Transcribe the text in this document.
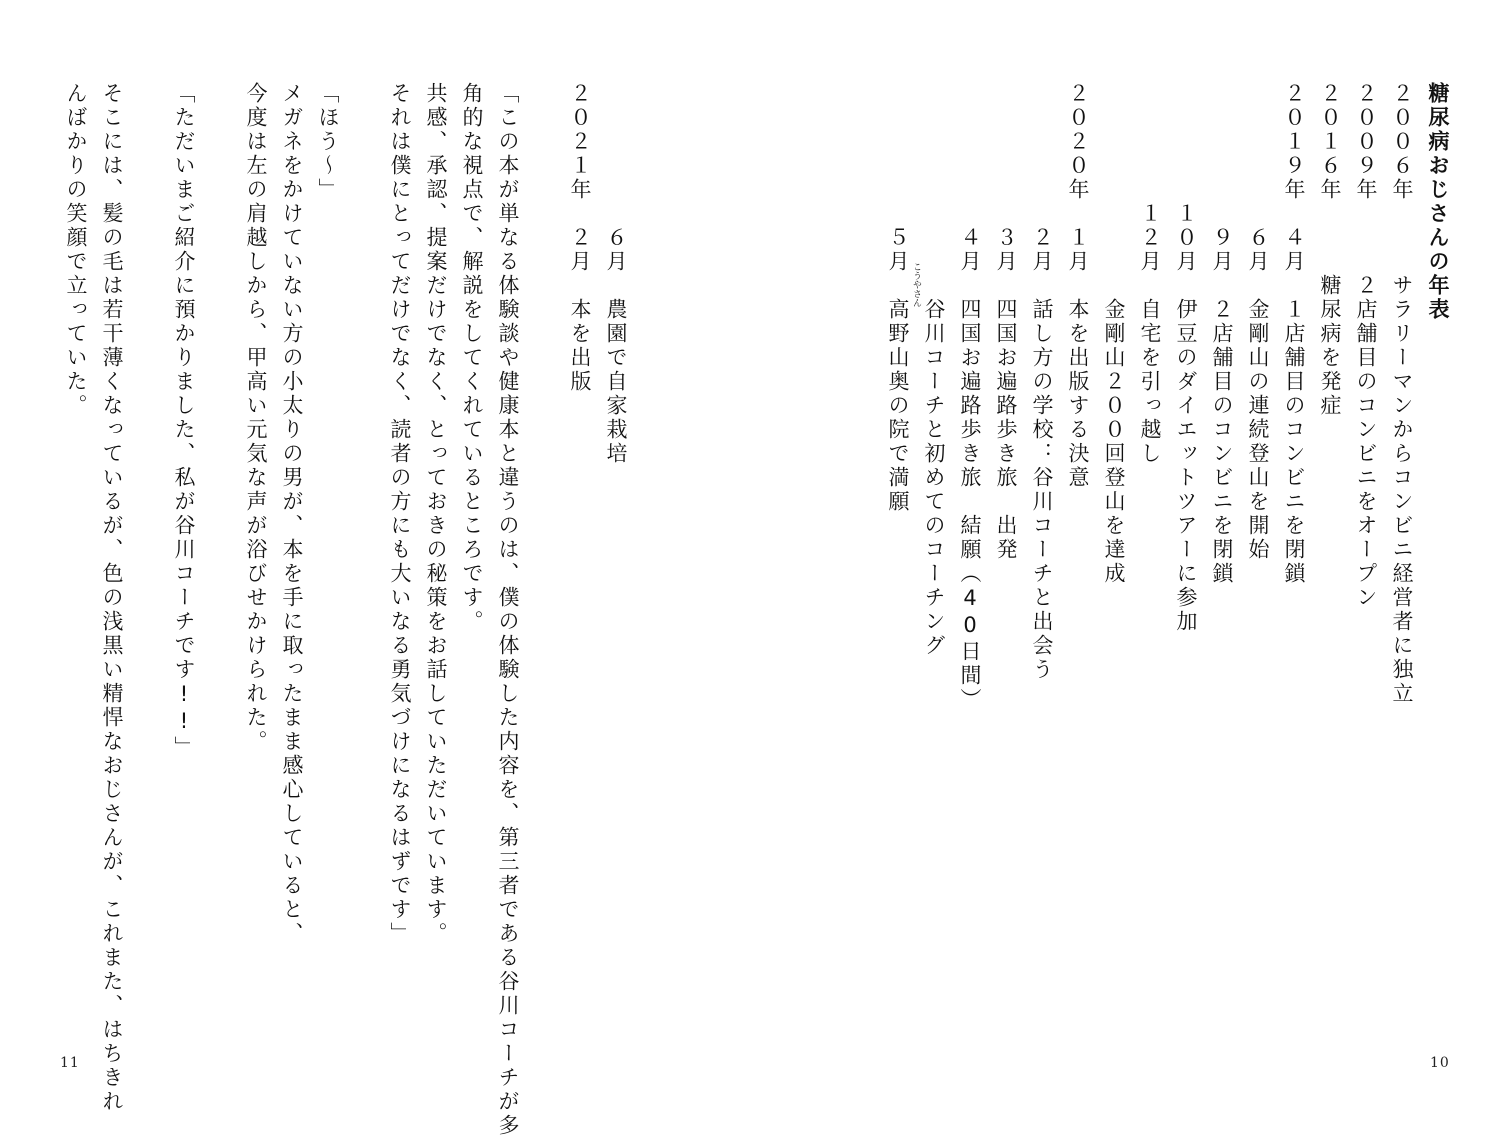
糖尿病おじさんの年表
２００６年　　　サラリーマンからコンビニ経営者に独立
２００９年　　　２店舗目のコンビニをオープン
２０１６年　　　糖尿病を発症
２０１９年　４月　１店舗目のコンビニを閉鎖
　　　　　　６月　金剛山の連続登山を開始
　　　　　　９月　２店舗目のコンビニを閉鎖
　　　　　１０月　伊豆のダイエットツアーに参加
　　　　　１２月　自宅を引っ越し
　　　　　　　　　金剛山２００回登山を達成
２０２０年　１月　本を出版する決意
　　　　　　２月　話し方の学校：谷川コーチと出会う
　　　　　　３月　四国お遍路歩き旅　出発
　　　　　　４月　四国お遍路歩き旅　結願（40日間）
　　　　　　　　　谷川コーチと初めてのコーチング
　　　　　　５月　高野山奥の院で満願 こうやさん
10
　　　　　　６月　農園で自家栽培
２０２１年　２月　本を出版
「この本が単なる体験談や健康本と違うのは、僕の体験した内容を、第三者である谷川コーチが多
角的な視点で、解説をしてくれているところです。
共感、承認、提案だけでなく、とっておきの秘策をお話していただいています。
それは僕にとってだけでなく、読者の方にも大いなる勇気づけになるはずです」
「ほう～」
メガネをかけていない方の小太りの男が、本を手に取ったまま感心していると、
今度は左の肩越しから、甲高い元気な声が浴びせかけられた。
「ただいまご紹介に預かりました、私が谷川コーチです!!」
そこには、髪の毛は若干薄くなっているが、色の浅黒い精悍なおじさんが、これまた、はちきれ
んばかりの笑顔で立っていた。
11
